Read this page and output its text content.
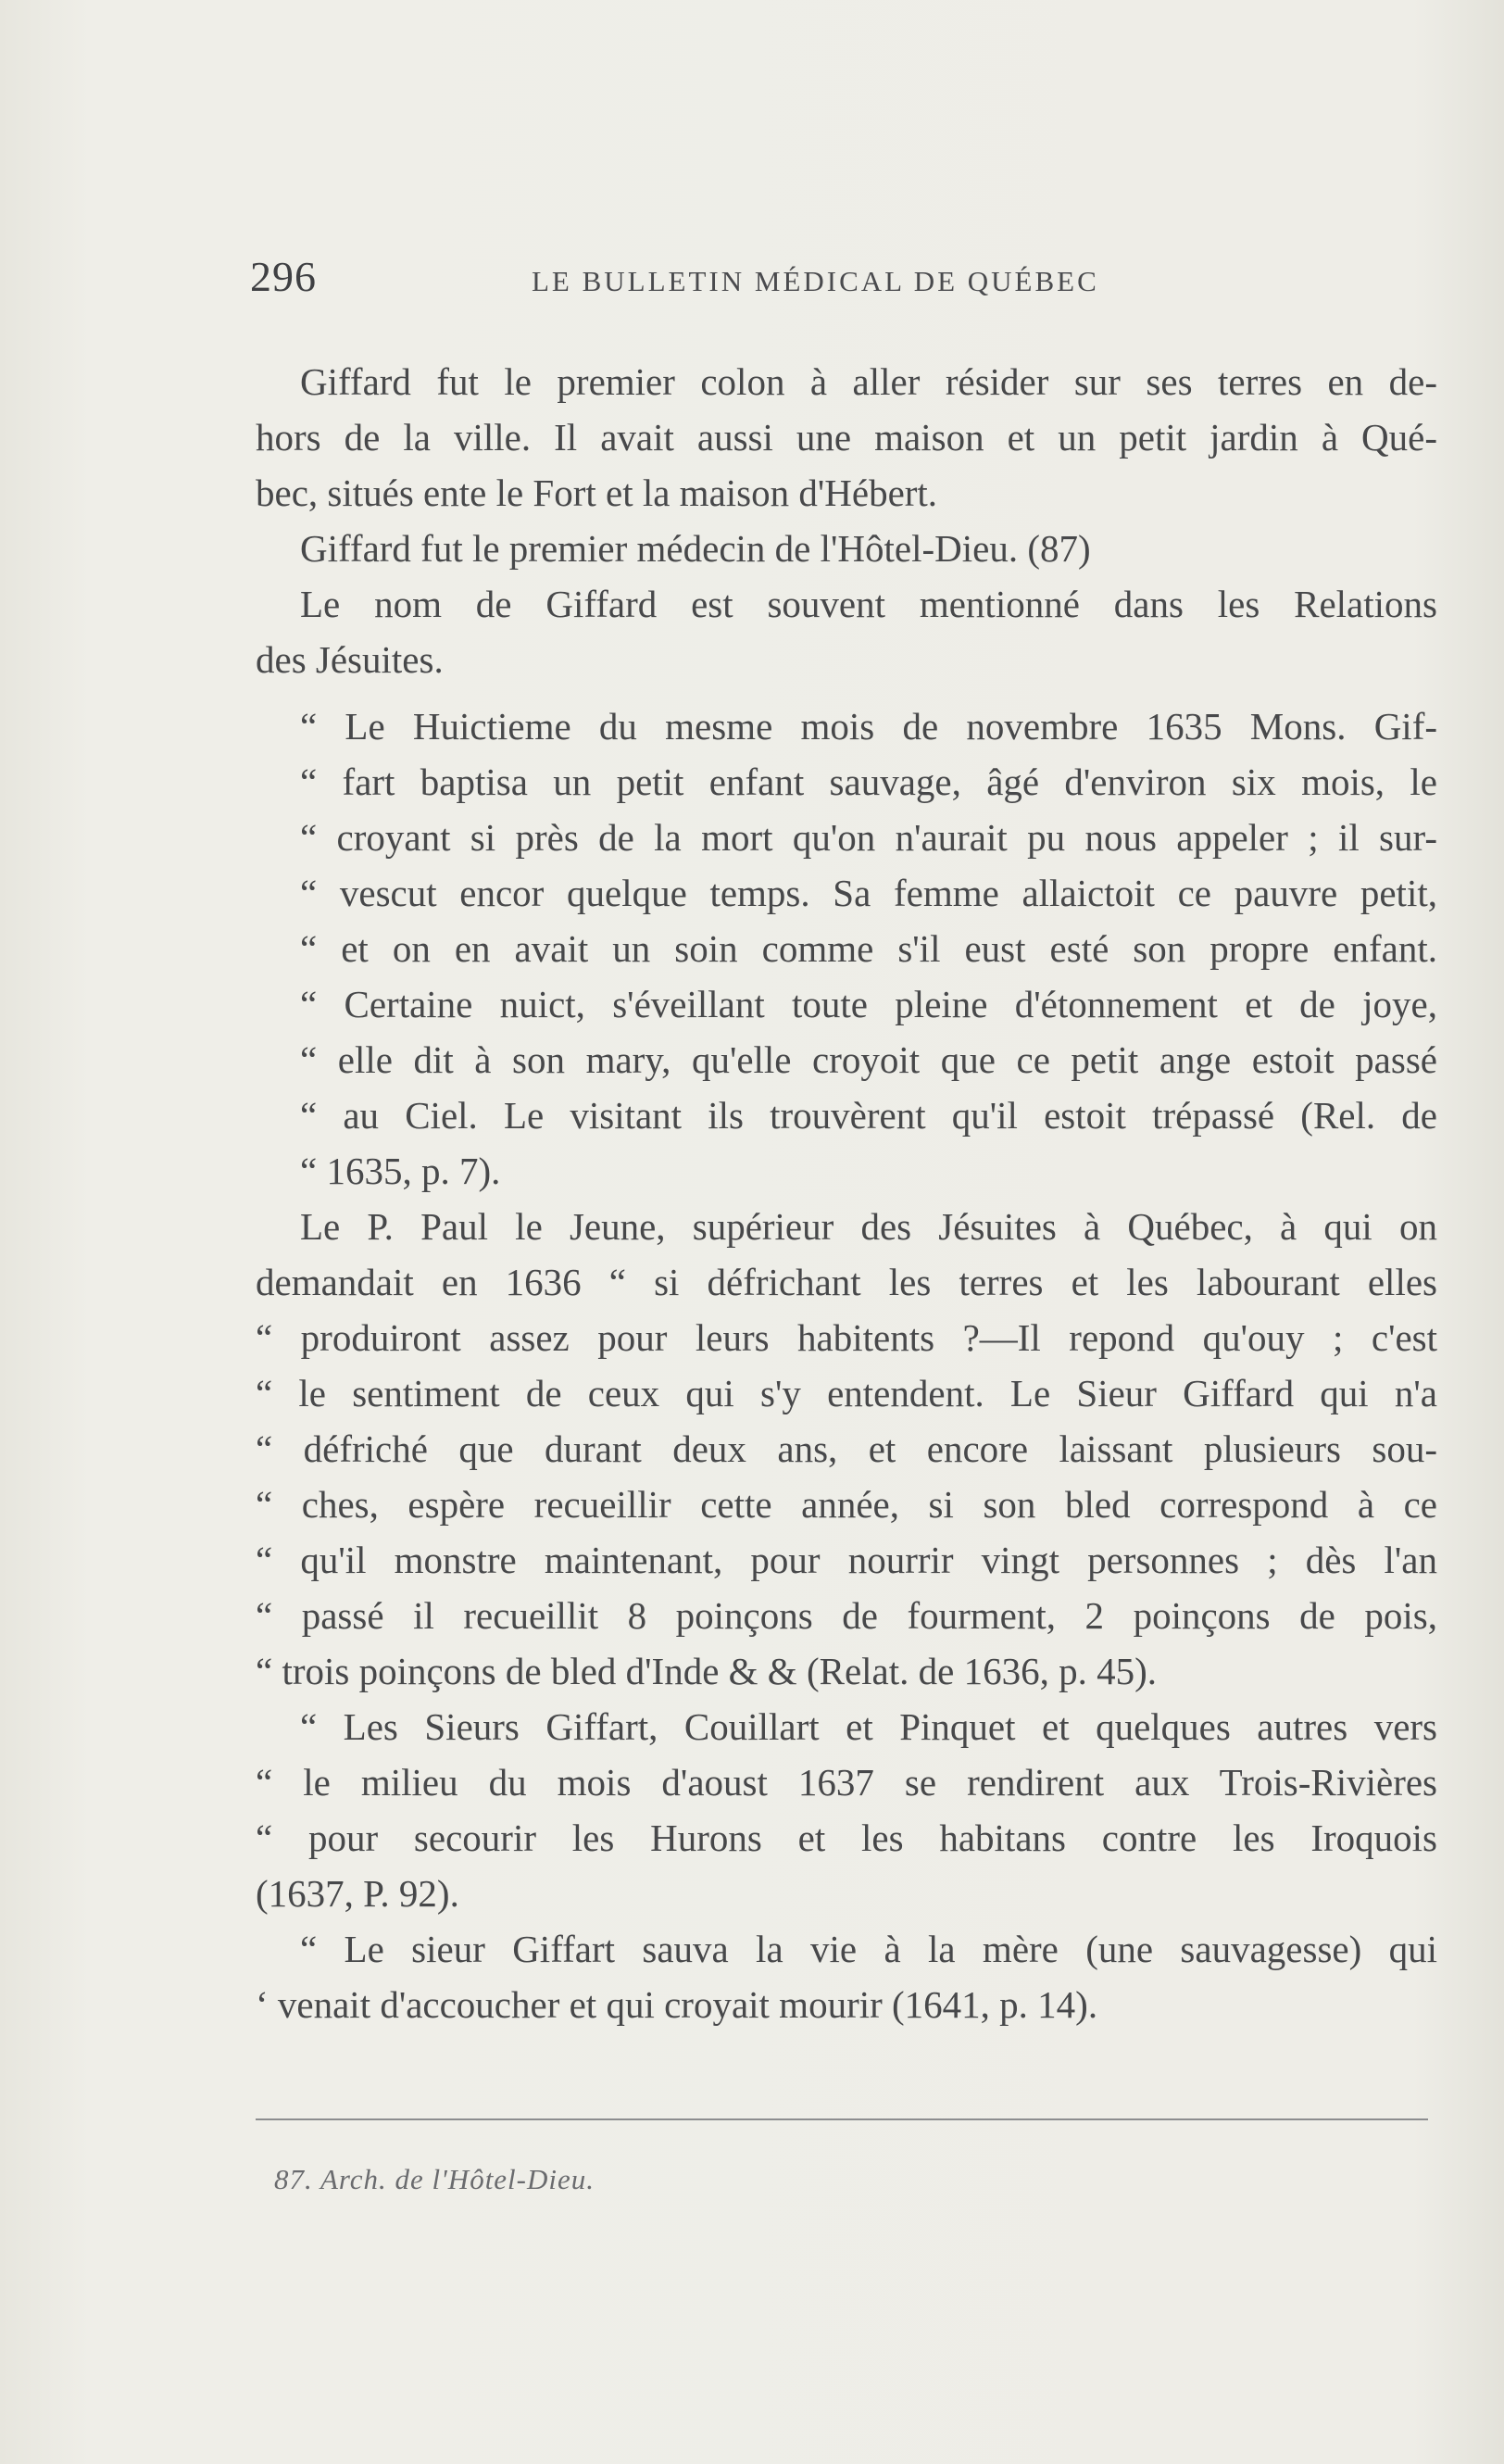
296	LE BULLETIN MÉDICAL DE QUÉBEC
Giffard fut le premier colon à aller résider sur ses terres en de-
hors de la ville. Il avait aussi une maison et un petit jardin à Qué-
bec, situés ente le Fort et la maison d'Hébert.
Giffard fut le premier médecin de l'Hôtel-Dieu. (87)
Le nom de Giffard est souvent mentionné dans les Relations
des Jésuites.
“ Le Huictieme du mesme mois de novembre 1635 Mons. Gif-
“ fart baptisa un petit enfant sauvage, âgé d'environ six mois, le
“ croyant si près de la mort qu'on n'aurait pu nous appeler ; il sur-
“ vescut encor quelque temps. Sa femme allaictoit ce pauvre petit,
“ et on en avait un soin comme s'il eust esté son propre enfant.
“ Certaine nuict, s'éveillant toute pleine d'étonnement et de joye,
“ elle dit à son mary, qu'elle croyoit que ce petit ange estoit passé
“ au Ciel. Le visitant ils trouvèrent qu'il estoit trépassé (Rel. de
“ 1635, p. 7).
Le P. Paul le Jeune, supérieur des Jésuites à Québec, à qui on
demandait en 1636 “ si défrichant les terres et les labourant elles
“ produiront assez pour leurs habitents ?—Il repond qu'ouy ; c'est
“ le sentiment de ceux qui s'y entendent. Le Sieur Giffard qui n'a
“ défriché que durant deux ans, et encore laissant plusieurs sou-
“ ches, espère recueillir cette année, si son bled correspond à ce
“ qu'il monstre maintenant, pour nourrir vingt personnes ; dès l'an
“ passé il recueillit 8 poinçons de fourment, 2 poinçons de pois,
“ trois poinçons de bled d'Inde & & (Relat. de 1636, p. 45).
“ Les Sieurs Giffart, Couillart et Pinquet et quelques autres vers
“ le milieu du mois d'aoust 1637 se rendirent aux Trois-Rivières
“ pour secourir les Hurons et les habitans contre les Iroquois
(1637, P. 92).
“ Le sieur Giffart sauva la vie à la mère (une sauvagesse) qui
‘ venait d'accoucher et qui croyait mourir (1641, p. 14).
87. Arch. de l'Hôtel-Dieu.
